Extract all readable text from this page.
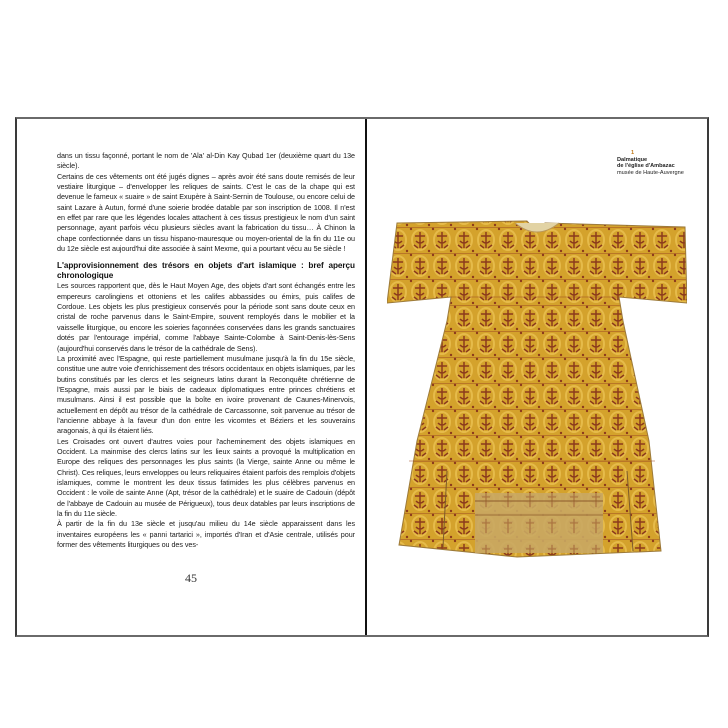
dans un tissu façonné, portant le nom de 'Ala' al-Din Kay Qubad 1er (deuxième quart du 13e siècle).

Certains de ces vêtements ont été jugés dignes – après avoir été sans doute remisés de leur vestiaire liturgique – d'envelopper les reliques de saints. C'est le cas de la chape qui est devenue le fameux « suaire » de saint Exupère à Saint-Sernin de Toulouse, ou encore celui de saint Lazare à Autun, formé d'une soierie brodée datable par son inscription de 1008. Il n'est en effet par rare que les légendes locales attachent à ces tissus prestigieux le nom d'un saint personnage, ayant parfois vécu plusieurs siècles avant la fabrication du tissu… À Chinon la chape confectionnée dans un tissu hispano-mauresque ou moyen-oriental de la fin du 11e ou du 12e siècle est aujourd'hui dite associée à saint Mexme, qui a pourtant vécu au 5e siècle !

L'approvisionnement des trésors en objets d'art islamique : bref aperçu chronologique

Les sources rapportent que, dès le Haut Moyen Age, des objets d'art sont échangés entre les empereurs carolingiens et ottoniens et les califes abbassides ou émirs, puis califes de Cordoue. Les objets les plus prestigieux conservés pour la période sont sans doute ceux en cristal de roche parvenus dans le Saint-Empire, souvent remployés dans le mobilier et la vaisselle liturgique, ou encore les soieries façonnées conservées dans les grands sanctuaires dotés par l'entourage impérial, comme l'abbaye Sainte-Colombe à Saint-Denis-lès-Sens (aujourd'hui conservés dans le trésor de la cathédrale de Sens).

La proximité avec l'Espagne, qui reste partiellement musulmane jusqu'à la fin du 15e siècle, constitue une autre voie d'enrichissement des trésors occidentaux en objets islamiques, par les butins constitués par les clercs et les seigneurs latins durant la Reconquête chrétienne de l'Espagne, mais aussi par le biais de cadeaux diplomatiques entre princes chrétiens et musulmans. Ainsi il est possible que la boîte en ivoire provenant de Caunes-Minervois, actuellement en dépôt au trésor de la cathédrale de Carcassonne, soit parvenue au trésor de l'ancienne abbaye à la faveur d'un don entre les vicomtes et Béziers et les souverains aragonais, à qui ils étaient liés.

Les Croisades ont ouvert d'autres voies pour l'acheminement des objets islamiques en Occident. La mainmise des clercs latins sur les lieux saints a provoqué la multiplication en Europe des reliques des personnages les plus saints (la Vierge, sainte Anne ou même le Christ). Ces reliques, leurs enveloppes ou leurs reliquaires étaient parfois des remplois d'objets islamiques, comme le montrent les deux tissus fatimides les plus célèbres parvenus en Occident : le voile de sainte Anne (Apt, trésor de la cathédrale) et le suaire de Cadouin (dépôt de l'abbaye de Cadouin au musée de Périgueux), tous deux datables par leurs inscriptions de la fin du 11e siècle.

À partir de la fin du 13e siècle et jusqu'au milieu du 14e siècle apparaissent dans les inventaires européens les « panni tartarici », importés d'Iran et d'Asie centrale, utilisés pour former des vêtements liturgiques ou des ves-

45
1
Dalmatique
de l'église d'Ambazac
musée de Haute-Auvergne
